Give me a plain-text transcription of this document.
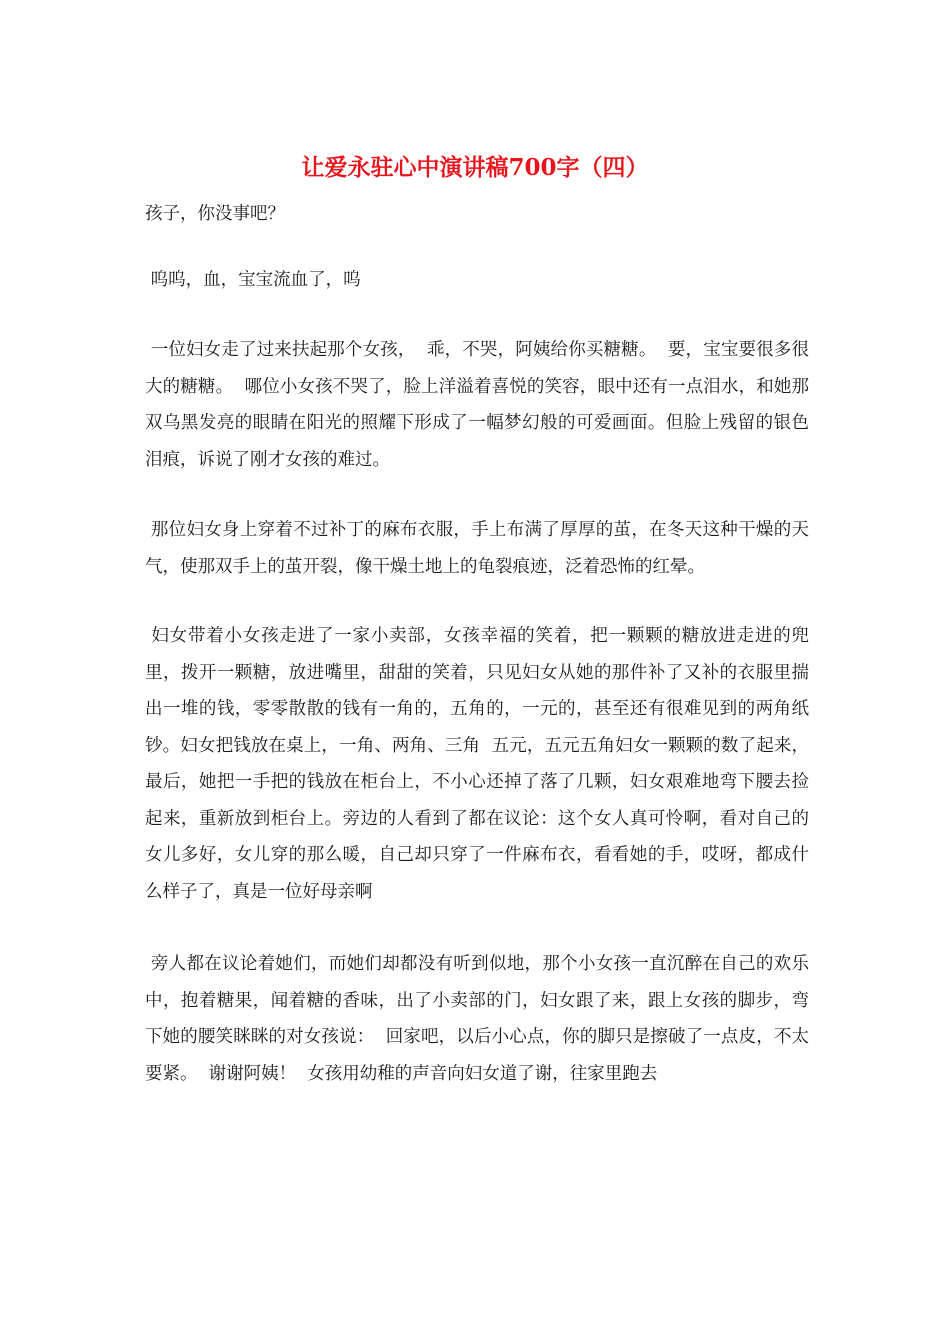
让爱永驻心中演讲稿700字（四）

孩子，你没事吧？

呜呜，血，宝宝流血了，呜

一位妇女走了过来扶起那个女孩，  乖，不哭，阿姨给你买糖糖。  要，宝宝要很多很大的糖糖。  哪位小女孩不哭了，脸上洋溢着喜悦的笑容，眼中还有一点泪水，和她那双乌黑发亮的眼睛在阳光的照耀下形成了一幅梦幻般的可爱画面。但脸上残留的银色泪痕，诉说了刚才女孩的难过。

那位妇女身上穿着不过补丁的麻布衣服，手上布满了厚厚的茧，在冬天这种干燥的天气，使那双手上的茧开裂，像干燥土地上的龟裂痕迹，泛着恐怖的红晕。

妇女带着小女孩走进了一家小卖部，女孩幸福的笑着，把一颗颗的糖放进走进的兜里，拨开一颗糖，放进嘴里，甜甜的笑着，只见妇女从她的那件补了又补的衣服里揣出一堆的钱，零零散散的钱有一角的，五角的，一元的，甚至还有很难见到的两角纸钞。妇女把钱放在桌上，一角、两角、三角  五元，五元五角妇女一颗颗的数了起来，最后，她把一手把的钱放在柜台上，不小心还掉了落了几颗，妇女艰难地弯下腰去捡起来，重新放到柜台上。旁边的人看到了都在议论：这个女人真可怜啊，看对自己的女儿多好，女儿穿的那么暖，自己却只穿了一件麻布衣，看看她的手，哎呀，都成什么样子了，真是一位好母亲啊

旁人都在议论着她们，而她们却都没有听到似地，那个小女孩一直沉醉在自己的欢乐中，抱着糖果，闻着糖的香味，出了小卖部的门，妇女跟了来，跟上女孩的脚步，弯下她的腰笑眯眯的对女孩说：  回家吧，以后小心点，你的脚只是擦破了一点皮，不太要紧。  谢谢阿姨！  女孩用幼稚的声音向妇女道了谢，往家里跑去
